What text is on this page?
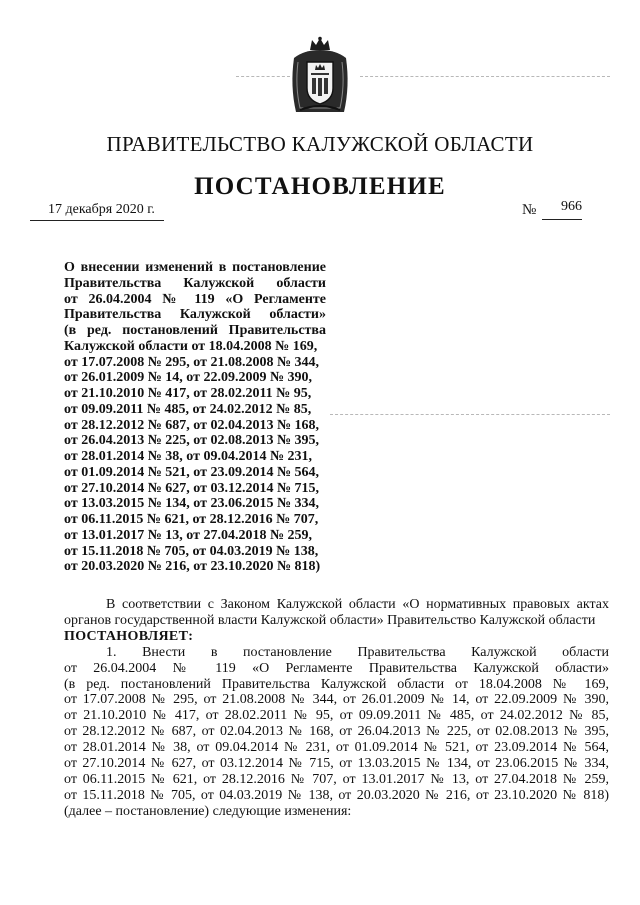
ПРАВИТЕЛЬСТВО КАЛУЖСКОЙ ОБЛАСТИ
ПОСТАНОВЛЕНИЕ
17 декабря 2020 г.	№ 966
О внесении изменений в постановление
Правительства Калужской области
от 26.04.2004 № 119 «О Регламенте
Правительства Калужской области»
(в ред. постановлений Правительства
Калужской области от 18.04.2008 № 169,
от 17.07.2008 № 295, от 21.08.2008 № 344,
от 26.01.2009 № 14, от 22.09.2009 № 390,
от 21.10.2010 № 417, от 28.02.2011 № 95,
от 09.09.2011 № 485, от 24.02.2012 № 85,
от 28.12.2012 № 687, от 02.04.2013 № 168,
от 26.04.2013 № 225, от 02.08.2013 № 395,
от 28.01.2014 № 38, от 09.04.2014 № 231,
от 01.09.2014 № 521, от 23.09.2014 № 564,
от 27.10.2014 № 627, от 03.12.2014 № 715,
от 13.03.2015 № 134, от 23.06.2015 № 334,
от 06.11.2015 № 621, от 28.12.2016 № 707,
от 13.01.2017 № 13, от 27.04.2018 № 259,
от 15.11.2018 № 705, от 04.03.2019 № 138,
от 20.03.2020 № 216, от 23.10.2020 № 818)
В соответствии с Законом Калужской области «О нормативных правовых актах
органов государственной власти Калужской области» Правительство Калужской области
ПОСТАНОВЛЯЕТ:
1. Внести в постановление Правительства Калужской области
от 26.04.2004 № 119 «О Регламенте Правительства Калужской области»
(в ред. постановлений Правительства Калужской области от 18.04.2008 № 169,
от 17.07.2008 № 295, от 21.08.2008 № 344, от 26.01.2009 № 14, от 22.09.2009 № 390,
от 21.10.2010 № 417, от 28.02.2011 № 95, от 09.09.2011 № 485, от 24.02.2012 № 85,
от 28.12.2012 № 687, от 02.04.2013 № 168, от 26.04.2013 № 225, от 02.08.2013 № 395,
от 28.01.2014 № 38, от 09.04.2014 № 231, от 01.09.2014 № 521, от 23.09.2014 № 564,
от 27.10.2014 № 627, от 03.12.2014 № 715, от 13.03.2015 № 134, от 23.06.2015 № 334,
от 06.11.2015 № 621, от 28.12.2016 № 707, от 13.01.2017 № 13, от 27.04.2018 № 259,
от 15.11.2018 № 705, от 04.03.2019 № 138, от 20.03.2020 № 216, от 23.10.2020 № 818)
(далее – постановление) следующие изменения:
